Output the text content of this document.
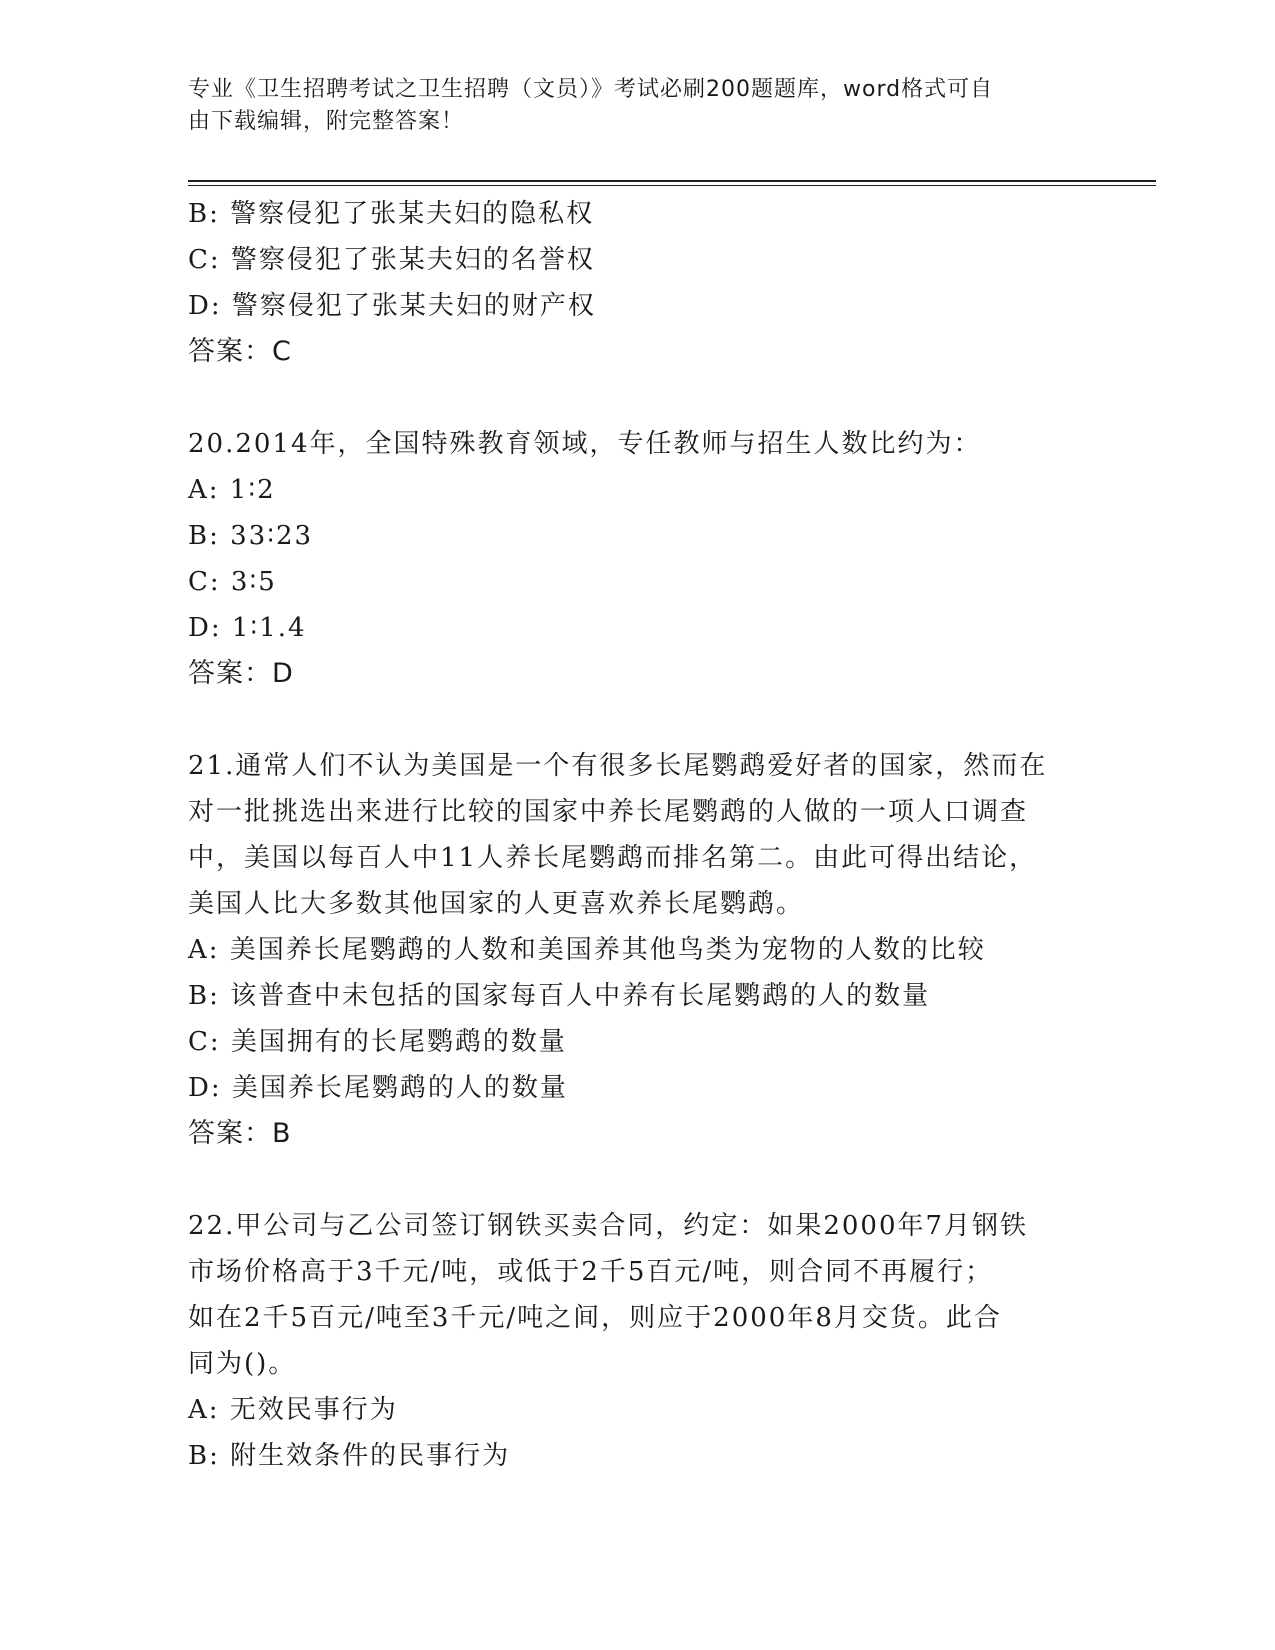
专业《卫生招聘考试之卫生招聘（文员）》考试必刷200题题库，word格式可自
由下载编辑，附完整答案！
B: 警察侵犯了张某夫妇的隐私权
C: 警察侵犯了张某夫妇的名誉权
D: 警察侵犯了张某夫妇的财产权
答案：C
20.2014年，全国特殊教育领域，专任教师与招生人数比约为：
A: 1∶2
B: 33∶23
C: 3∶5
D: 1∶1.4
答案：D
21.通常人们不认为美国是一个有很多长尾鹦鹉爱好者的国家，然而在
对一批挑选出来进行比较的国家中养长尾鹦鹉的人做的一项人口调查
中，美国以每百人中11人养长尾鹦鹉而排名第二。由此可得出结论，
美国人比大多数其他国家的人更喜欢养长尾鹦鹉。
A: 美国养长尾鹦鹉的人数和美国养其他鸟类为宠物的人数的比较
B: 该普查中未包括的国家每百人中养有长尾鹦鹉的人的数量
C: 美国拥有的长尾鹦鹉的数量
D: 美国养长尾鹦鹉的人的数量
答案：B
22.甲公司与乙公司签订钢铁买卖合同，约定：如果2000年7月钢铁
市场价格高于3千元/吨，或低于2千5百元/吨，则合同不再履行；
如在2千5百元/吨至3千元/吨之间，则应于2000年8月交货。此合
同为()。
A: 无效民事行为
B: 附生效条件的民事行为
